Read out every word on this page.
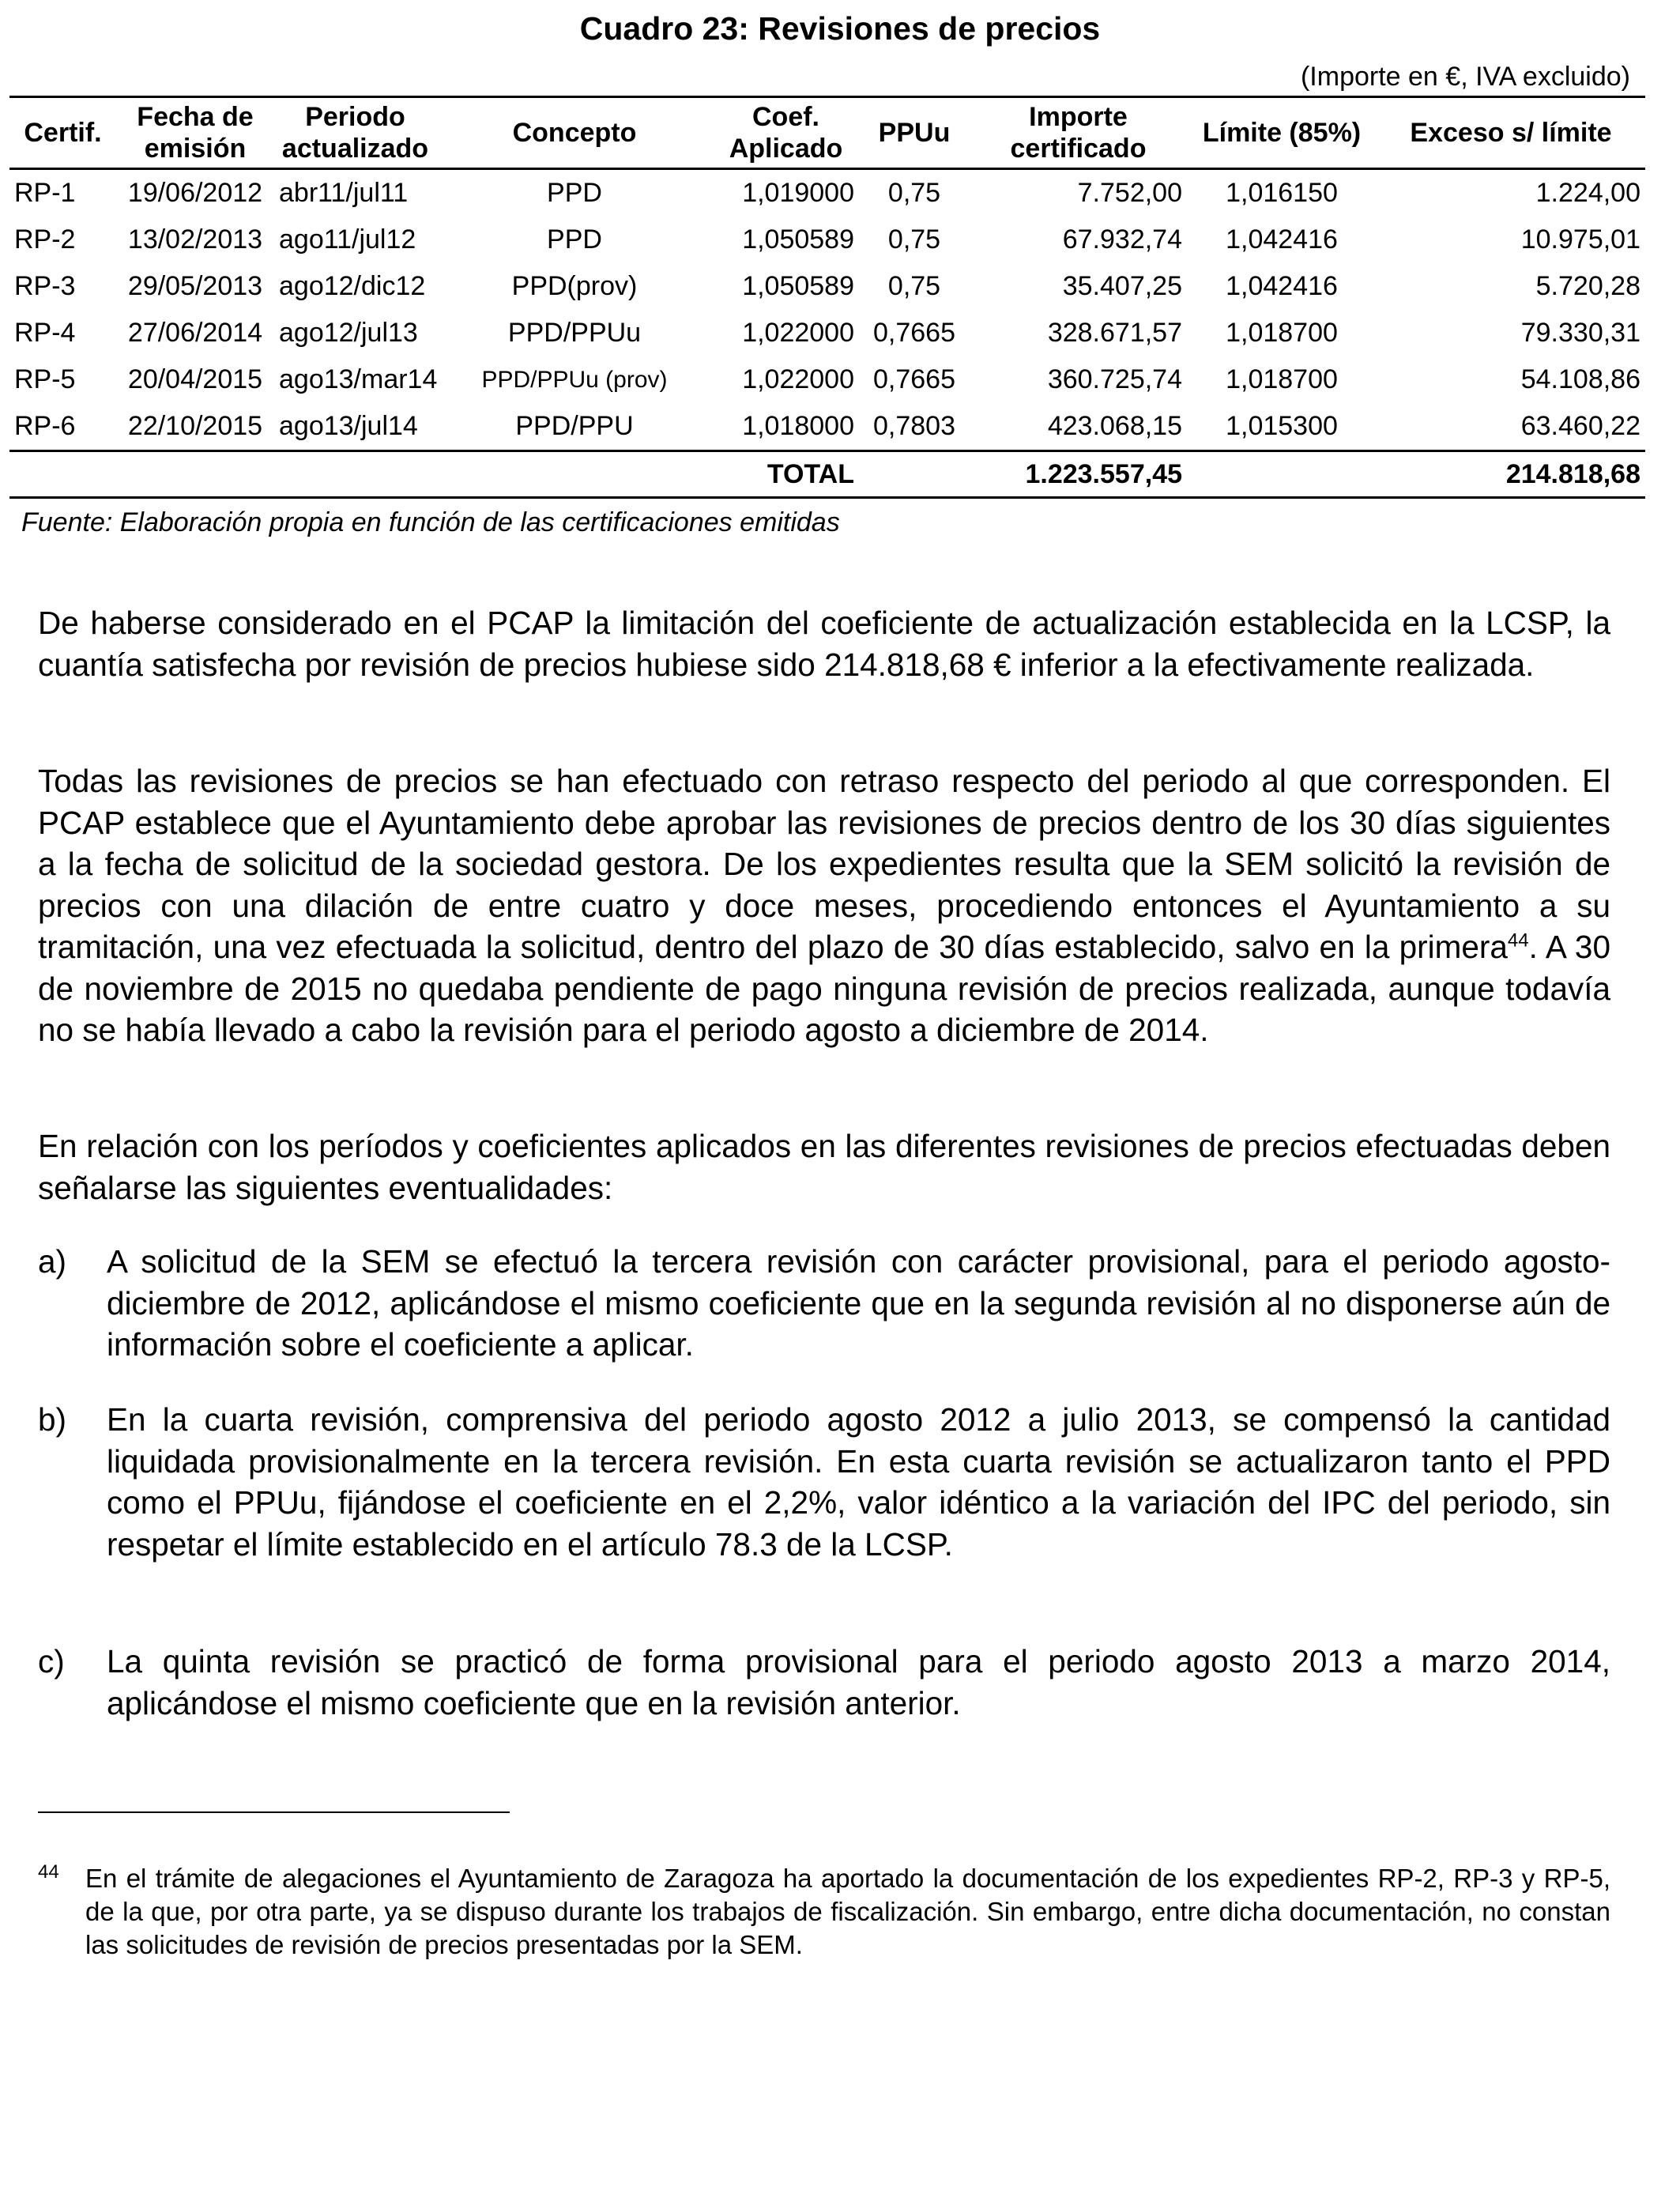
Cuadro 23: Revisiones de precios
(Importe en €, IVA excluido)
Certif.	Fecha de emisión	Periodo actualizado	Concepto	Coef. Aplicado	PPUu	Importe certificado	Límite (85%)	Exceso s/ límite
RP-1	19/06/2012	abr11/jul11	PPD	1,019000	0,75	7.752,00	1,016150	1.224,00
RP-2	13/02/2013	ago11/jul12	PPD	1,050589	0,75	67.932,74	1,042416	10.975,01
RP-3	29/05/2013	ago12/dic12	PPD(prov)	1,050589	0,75	35.407,25	1,042416	5.720,28
RP-4	27/06/2014	ago12/jul13	PPD/PPUu	1,022000	0,7665	328.671,57	1,018700	79.330,31
RP-5	20/04/2015	ago13/mar14	PPD/PPUu (prov)	1,022000	0,7665	360.725,74	1,018700	54.108,86
RP-6	22/10/2015	ago13/jul14	PPD/PPU	1,018000	0,7803	423.068,15	1,015300	63.460,22
TOTAL						1.223.557,45		214.818,68
Fuente: Elaboración propia en función de las certificaciones emitidas

De haberse considerado en el PCAP la limitación del coeficiente de actualización establecida en la LCSP, la cuantía satisfecha por revisión de precios hubiese sido 214.818,68 € inferior a la efectivamente realizada.

Todas las revisiones de precios se han efectuado con retraso respecto del periodo al que corresponden. El PCAP establece que el Ayuntamiento debe aprobar las revisiones de precios dentro de los 30 días siguientes a la fecha de solicitud de la sociedad gestora. De los expedientes resulta que la SEM solicitó la revisión de precios con una dilación de entre cuatro y doce meses, procediendo entonces el Ayuntamiento a su tramitación, una vez efectuada la solicitud, dentro del plazo de 30 días establecido, salvo en la primera$^{44}$. A 30 de noviembre de 2015 no quedaba pendiente de pago ninguna revisión de precios realizada, aunque todavía no se había llevado a cabo la revisión para el periodo agosto a diciembre de 2014.

En relación con los períodos y coeficientes aplicados en las diferentes revisiones de precios efectuadas deben señalarse las siguientes eventualidades:

a) A solicitud de la SEM se efectuó la tercera revisión con carácter provisional, para el periodo agosto-diciembre de 2012, aplicándose el mismo coeficiente que en la segunda revisión al no disponerse aún de información sobre el coeficiente a aplicar.
b) En la cuarta revisión, comprensiva del periodo agosto 2012 a julio 2013, se compensó la cantidad liquidada provisionalmente en la tercera revisión. En esta cuarta revisión se actualizaron tanto el PPD como el PPUu, fijándose el coeficiente en el 2,2%, valor idéntico a la variación del IPC del periodo, sin respetar el límite establecido en el artículo 78.3 de la LCSP.
c) La quinta revisión se practicó de forma provisional para el periodo agosto 2013 a marzo 2014, aplicándose el mismo coeficiente que en la revisión anterior.
44 En el trámite de alegaciones el Ayuntamiento de Zaragoza ha aportado la documentación de los expedientes RP-2, RP-3 y RP-5, de la que, por otra parte, ya se dispuso durante los trabajos de fiscalización. Sin embargo, entre dicha documentación, no constan las solicitudes de revisión de precios presentadas por la SEM.
